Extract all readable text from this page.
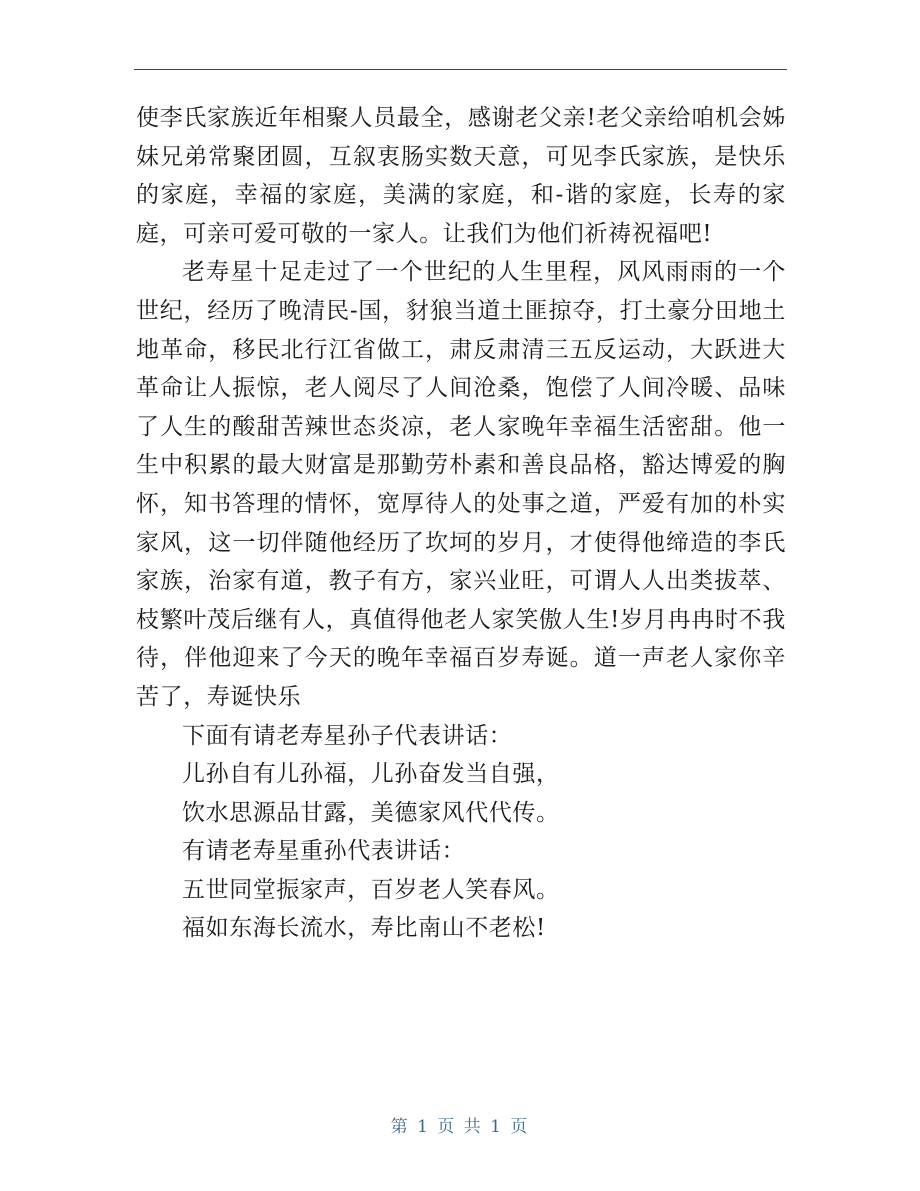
使李氏家族近年相聚人员最全，感谢老父亲!老父亲给咱机会姊妹兄弟常聚团圆，互叙衷肠实数天意，可见李氏家族，是快乐的家庭，幸福的家庭，美满的家庭，和-谐的家庭，长寿的家庭，可亲可爱可敬的一家人。让我们为他们祈祷祝福吧!

老寿星十足走过了一个世纪的人生里程，风风雨雨的一个世纪，经历了晚清民-国，豺狼当道土匪掠夺，打土豪分田地土地革命，移民北行江省做工，肃反肃清三五反运动，大跃进大革命让人振惊，老人阅尽了人间沧桑，饱偿了人间冷暖、品味了人生的酸甜苦辣世态炎凉，老人家晚年幸福生活密甜。他一生中积累的最大财富是那勤劳朴素和善良品格，豁达博爱的胸怀，知书答理的情怀，宽厚待人的处事之道，严爱有加的朴实家风，这一切伴随他经历了坎坷的岁月，才使得他缔造的李氏家族，治家有道，教子有方，家兴业旺，可谓人人出类拔萃、枝繁叶茂后继有人，真值得他老人家笑傲人生!岁月冉冉时不我待，伴他迎来了今天的晚年幸福百岁寿诞。道一声老人家你辛苦了，寿诞快乐

下面有请老寿星孙子代表讲话：

儿孙自有儿孙福，儿孙奋发当自强，

饮水思源品甘露，美德家风代代传。

有请老寿星重孙代表讲话：

五世同堂振家声，百岁老人笑春风。

福如东海长流水，寿比南山不老松!

第 1 页 共 1 页
